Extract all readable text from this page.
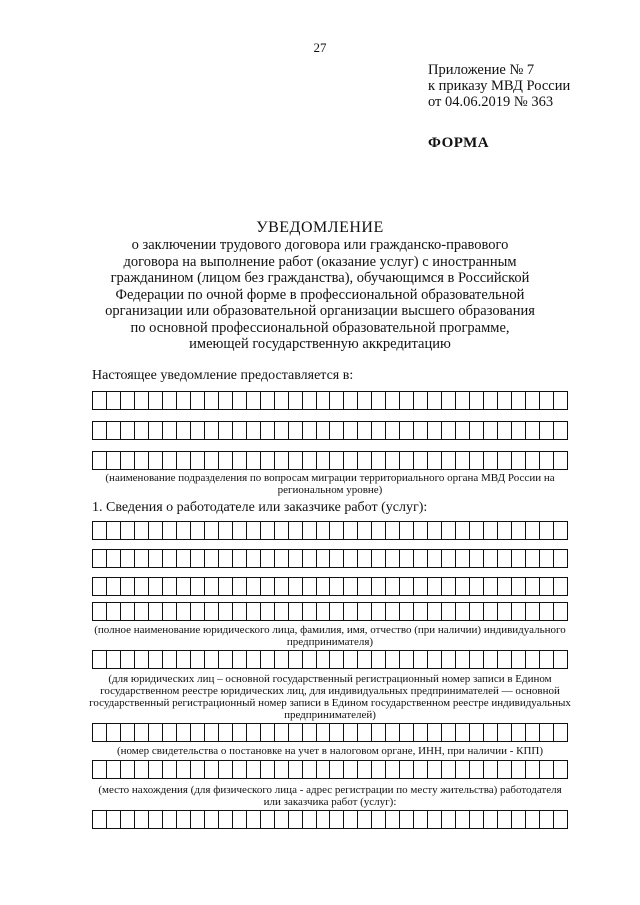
27
Приложение № 7
к приказу МВД России
от 04.06.2019 № 363
ФОРМА
УВЕДОМЛЕНИЕ
о заключении трудового договора или гражданско-правового
договора на выполнение работ (оказание услуг) с иностранным
гражданином (лицом без гражданства), обучающимся в Российской
Федерации по очной форме в профессиональной образовательной
организации или образовательной организации высшего образования
по основной профессиональной образовательной программе,
имеющей государственную аккредитацию
Настоящее уведомление предоставляется в:
(наименование подразделения по вопросам миграции территориального органа МВД России на
региональном уровне)
1. Сведения о работодателе или заказчике работ (услуг):
(полное наименование юридического лица, фамилия, имя, отчество (при наличии) индивидуального
предпринимателя)
(для юридических лиц – основной государственный регистрационный номер записи в Едином
государственном реестре юридических лиц, для индивидуальных предпринимателей — основной
государственный регистрационный номер записи в Едином государственном реестре индивидуальных
предпринимателей)
(номер свидетельства о постановке на учет в налоговом органе, ИНН, при наличии - КПП)
(место нахождения (для физического лица - адрес регистрации по месту жительства) работодателя
или заказчика работ (услуг):
